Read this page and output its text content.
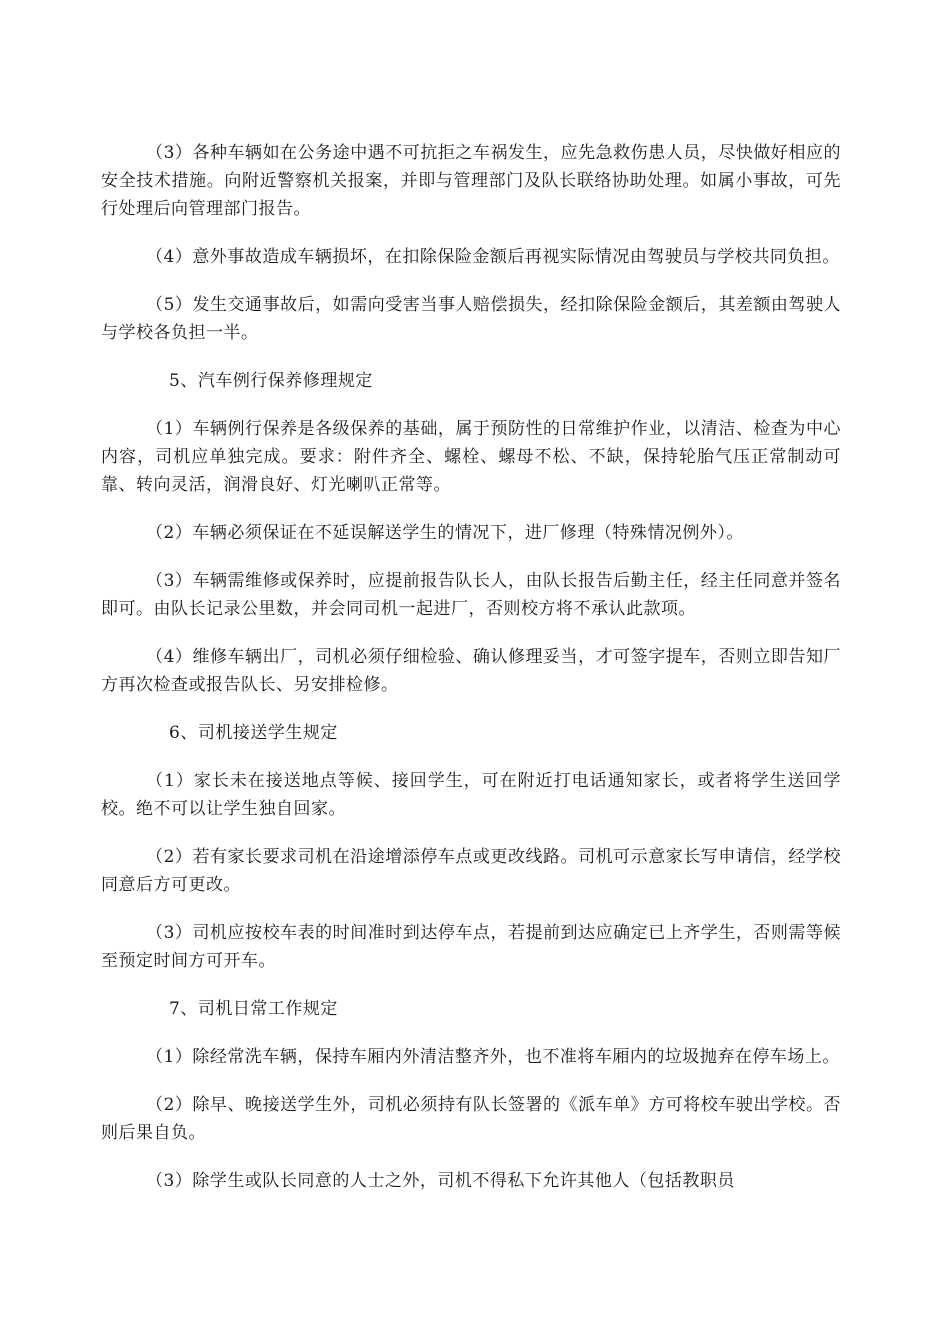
（3）各种车辆如在公务途中遇不可抗拒之车祸发生，应先急救伤患人员，尽快做好相应的安全技术措施。向附近警察机关报案，并即与管理部门及队长联络协助处理。如属小事故，可先行处理后向管理部门报告。

（4）意外事故造成车辆损坏，在扣除保险金额后再视实际情况由驾驶员与学校共同负担。

（5）发生交通事故后，如需向受害当事人赔偿损失，经扣除保险金额后，其差额由驾驶人与学校各负担一半。

5、汽车例行保养修理规定

（1）车辆例行保养是各级保养的基础，属于预防性的日常维护作业，以清洁、检查为中心内容，司机应单独完成。要求：附件齐全、螺栓、螺母不松、不缺，保持轮胎气压正常制动可靠、转向灵活，润滑良好、灯光喇叭正常等。

（2）车辆必须保证在不延误解送学生的情况下，进厂修理（特殊情况例外）。

（3）车辆需维修或保养时，应提前报告队长人，由队长报告后勤主任，经主任同意并签名即可。由队长记录公里数，并会同司机一起进厂，否则校方将不承认此款项。

（4）维修车辆出厂，司机必须仔细检验、确认修理妥当，才可签字提车，否则立即告知厂方再次检查或报告队长、另安排检修。

6、司机接送学生规定

（1）家长未在接送地点等候、接回学生，可在附近打电话通知家长，或者将学生送回学校。绝不可以让学生独自回家。

（2）若有家长要求司机在沿途增添停车点或更改线路。司机可示意家长写申请信，经学校同意后方可更改。

（3）司机应按校车表的时间准时到达停车点，若提前到达应确定已上齐学生，否则需等候至预定时间方可开车。

7、司机日常工作规定

（1）除经常洗车辆，保持车厢内外清洁整齐外，也不准将车厢内的垃圾抛弃在停车场上。

（2）除早、晚接送学生外，司机必须持有队长签署的《派车单》方可将校车驶出学校。否则后果自负。

（3）除学生或队长同意的人士之外，司机不得私下允许其他人（包括教职员
